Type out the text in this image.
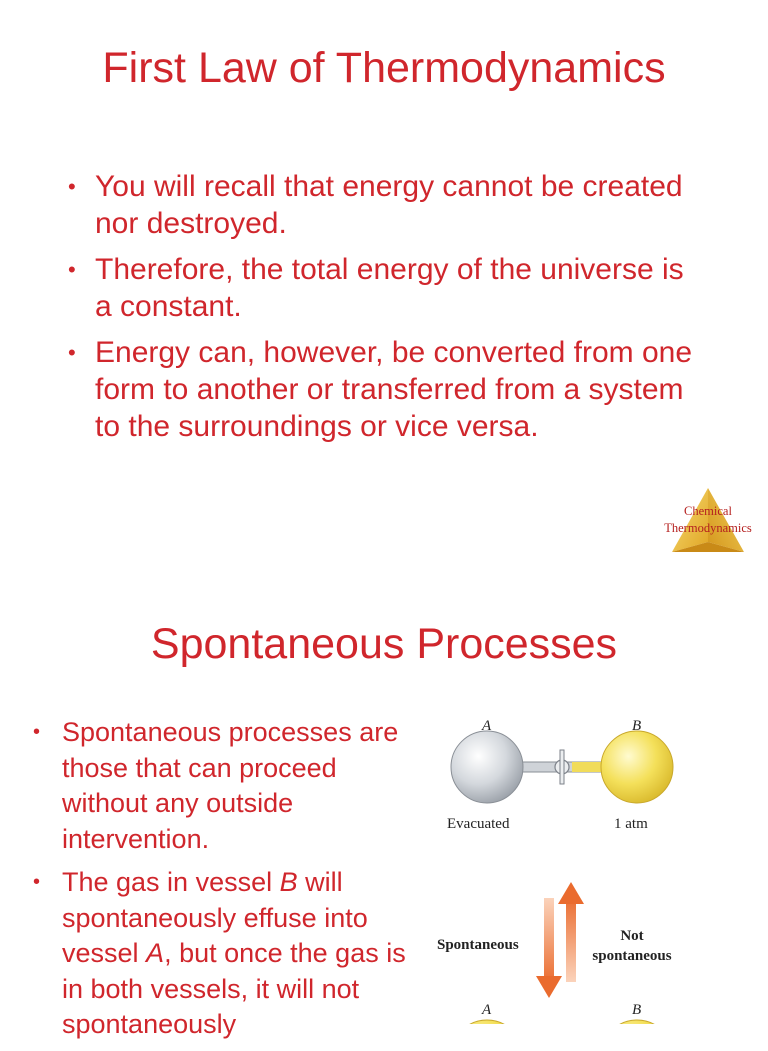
First Law of Thermodynamics
• You will recall that energy cannot be created nor destroyed.
• Therefore, the total energy of the universe is a constant.
• Energy can, however, be converted from one form to another or transferred from a system to the surroundings or vice versa.
Chemical
Thermodynamics
Spontaneous Processes
• Spontaneous processes are those that can proceed without any outside intervention.
• The gas in vessel B will spontaneously effuse into vessel A, but once the gas is in both vessels, it will not spontaneously
A	B
Evacuated	1 atm
Spontaneous
Not
spontaneous
A	B
